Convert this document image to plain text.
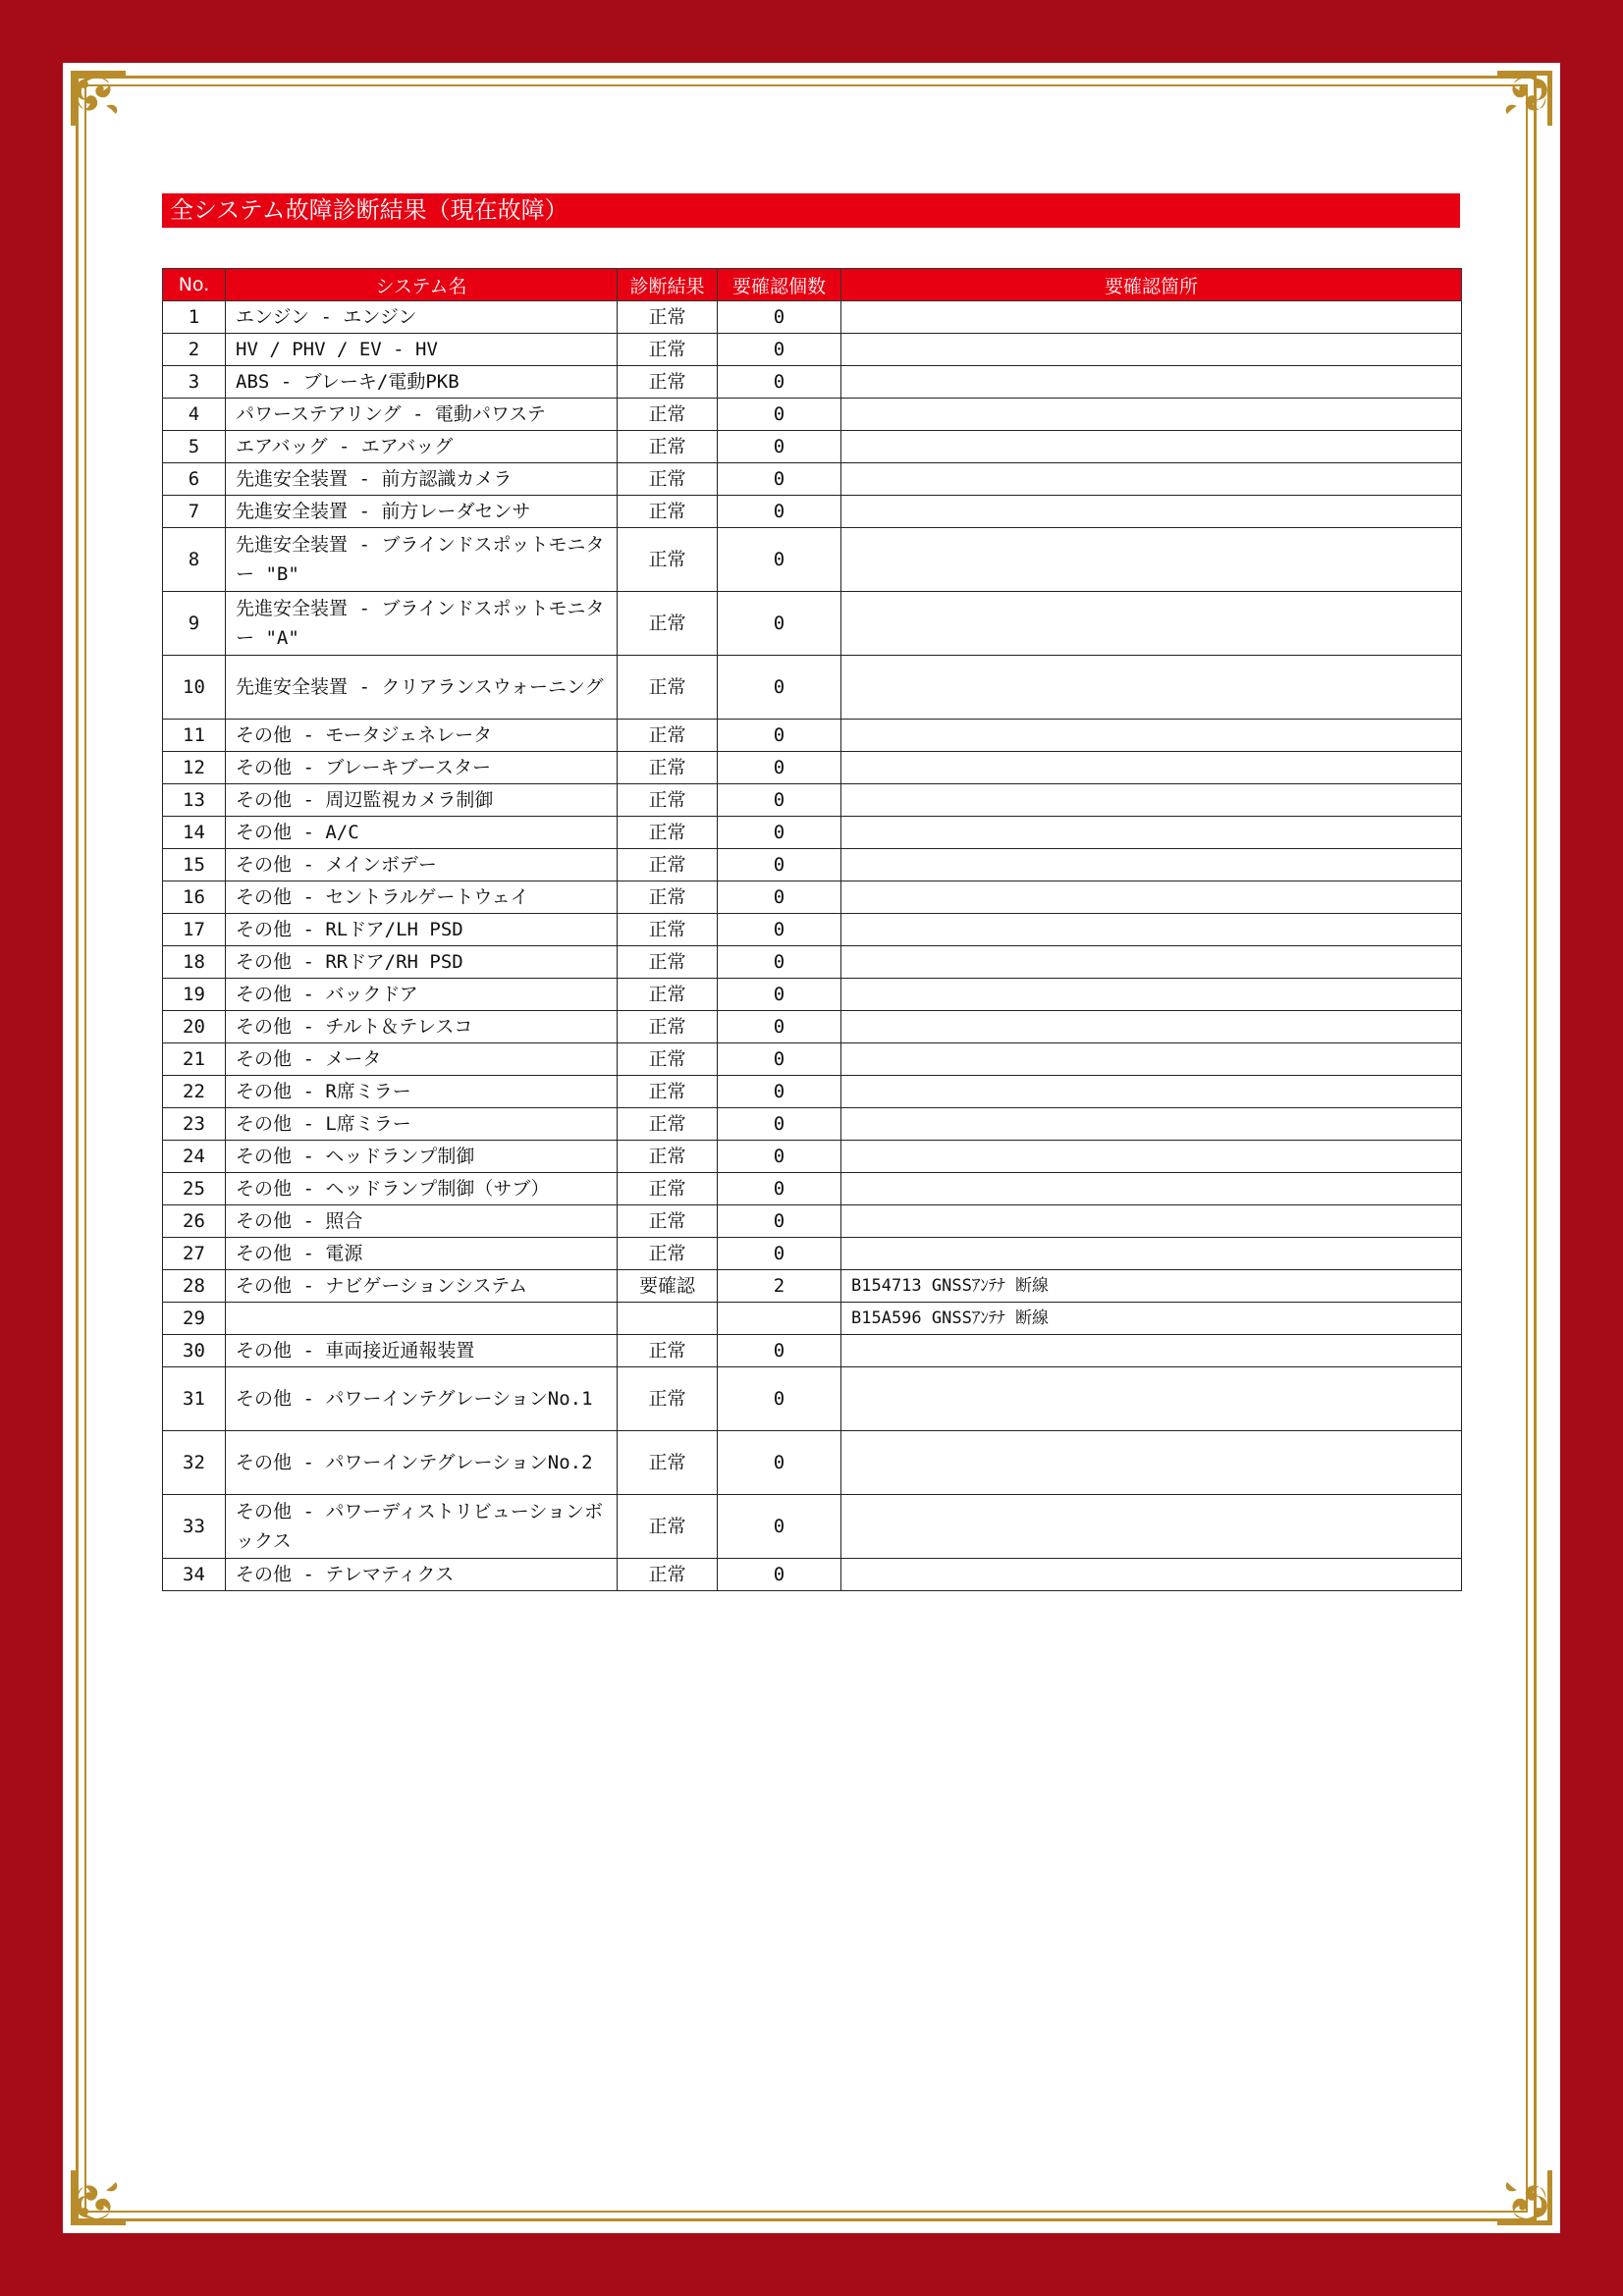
全システム故障診断結果（現在故障）
No.	システム名	診断結果	要確認個数	要確認箇所
1	エンジン - エンジン	正常	0	
2	HV / PHV / EV - HV	正常	0	
3	ABS - ブレーキ/電動PKB	正常	0	
4	パワーステアリング - 電動パワステ	正常	0	
5	エアバッグ - エアバッグ	正常	0	
6	先進安全装置 - 前方認識カメラ	正常	0	
7	先進安全装置 - 前方レーダセンサ	正常	0	
8	先進安全装置 - ブラインドスポットモニター "B"	正常	0	
9	先進安全装置 - ブラインドスポットモニター "A"	正常	0	
10	先進安全装置 - クリアランスウォーニング	正常	0	
11	その他 - モータジェネレータ	正常	0	
12	その他 - ブレーキブースター	正常	0	
13	その他 - 周辺監視カメラ制御	正常	0	
14	その他 - A/C	正常	0	
15	その他 - メインボデー	正常	0	
16	その他 - セントラルゲートウェイ	正常	0	
17	その他 - RLドア/LH PSD	正常	0	
18	その他 - RRドア/RH PSD	正常	0	
19	その他 - バックドア	正常	0	
20	その他 - チルト＆テレスコ	正常	0	
21	その他 - メータ	正常	0	
22	その他 - R席ミラー	正常	0	
23	その他 - L席ミラー	正常	0	
24	その他 - ヘッドランプ制御	正常	0	
25	その他 - ヘッドランプ制御（サブ）	正常	0	
26	その他 - 照合	正常	0	
27	その他 - 電源	正常	0	
28	その他 - ナビゲーションシステム	要確認	2	B154713 GNSSｱﾝﾃﾅ 断線
29				B15A596 GNSSｱﾝﾃﾅ 断線
30	その他 - 車両接近通報装置	正常	0	
31	その他 - パワーインテグレーションNo.1	正常	0	
32	その他 - パワーインテグレーションNo.2	正常	0	
33	その他 - パワーディストリビューションボックス	正常	0	
34	その他 - テレマティクス	正常	0	
